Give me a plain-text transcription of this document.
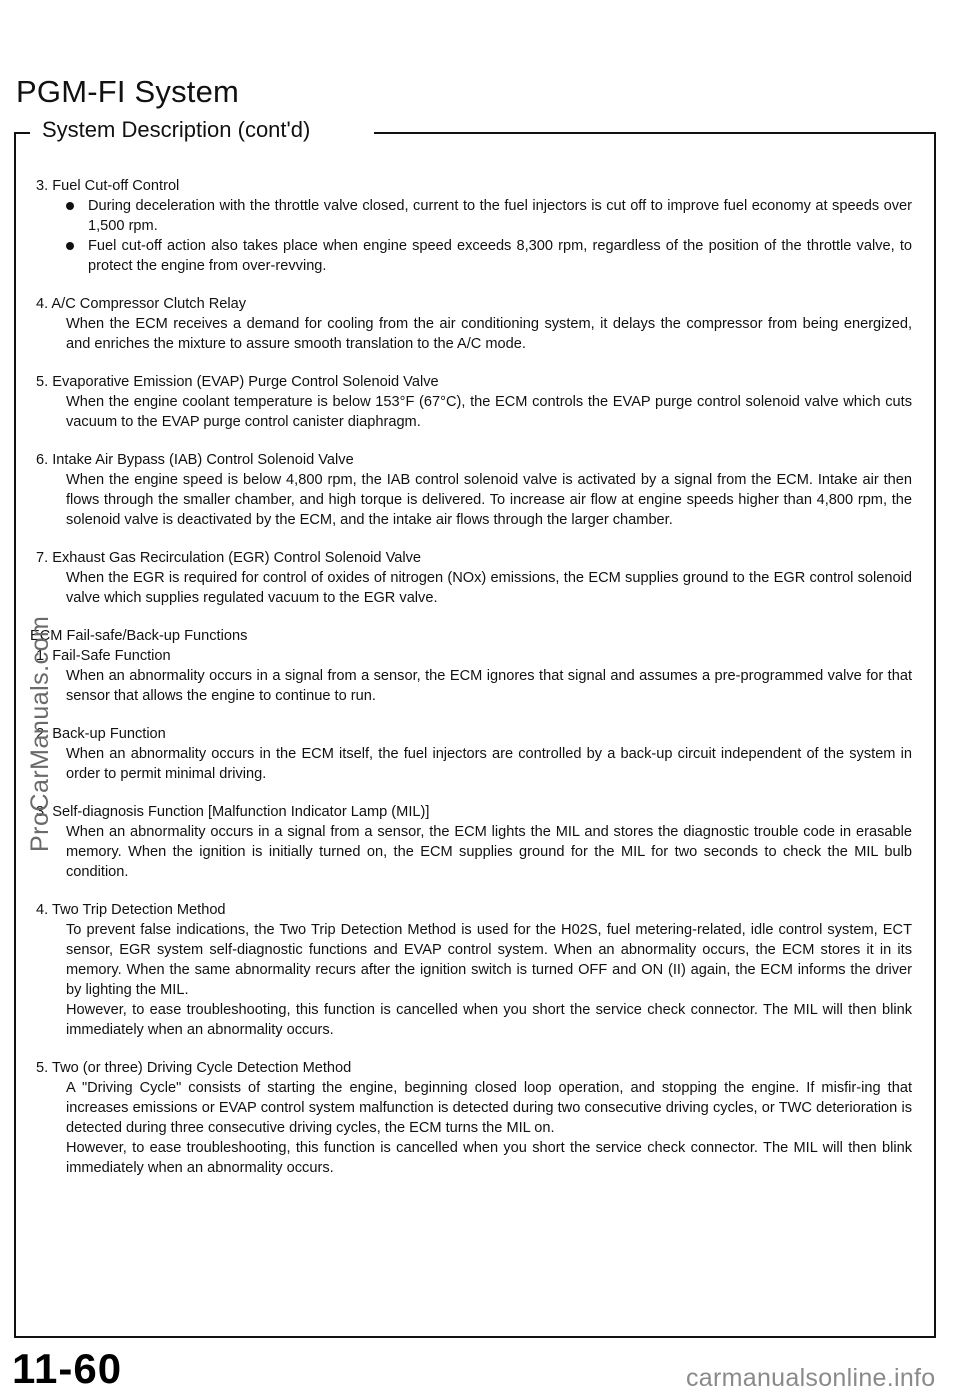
PGM-FI System
System Description (cont'd)
3. Fuel Cut-off Control
During deceleration with the throttle valve closed, current to the fuel injectors is cut off to improve fuel economy at speeds over 1,500 rpm.
Fuel cut-off action also takes place when engine speed exceeds 8,300 rpm, regardless of the position of the throttle valve, to protect the engine from over-revving.
4. A/C Compressor Clutch Relay
When the ECM receives a demand for cooling from the air conditioning system, it delays the compressor from being energized, and enriches the mixture to assure smooth translation to the A/C mode.
5. Evaporative Emission (EVAP) Purge Control Solenoid Valve
When the engine coolant temperature is below 153°F (67°C), the ECM controls the EVAP purge control solenoid valve which cuts vacuum to the EVAP purge control canister diaphragm.
6. Intake Air Bypass (IAB) Control Solenoid Valve
When the engine speed is below 4,800 rpm, the IAB control solenoid valve is activated by a signal from the ECM. Intake air then flows through the smaller chamber, and high torque is delivered. To increase air flow at engine speeds higher than 4,800 rpm, the solenoid valve is deactivated by the ECM, and the intake air flows through the larger chamber.
7. Exhaust Gas Recirculation (EGR) Control Solenoid Valve
When the EGR is required for control of oxides of nitrogen (NOx) emissions, the ECM supplies ground to the EGR control solenoid valve which supplies regulated vacuum to the EGR valve.
ECM Fail-safe/Back-up Functions
1. Fail-Safe Function
When an abnormality occurs in a signal from a sensor, the ECM ignores that signal and assumes a pre-programmed valve for that sensor that allows the engine to continue to run.
2. Back-up Function
When an abnormality occurs in the ECM itself, the fuel injectors are controlled by a back-up circuit independent of the system in order to permit minimal driving.
3. Self-diagnosis Function [Malfunction Indicator Lamp (MIL)]
When an abnormality occurs in a signal from a sensor, the ECM lights the MIL and stores the diagnostic trouble code in erasable memory. When the ignition is initially turned on, the ECM supplies ground for the MIL for two seconds to check the MIL bulb condition.
4. Two Trip Detection Method
To prevent false indications, the Two Trip Detection Method is used for the H02S, fuel metering-related, idle control system, ECT sensor, EGR system self-diagnostic functions and EVAP control system. When an abnormality occurs, the ECM stores it in its memory. When the same abnormality recurs after the ignition switch is turned OFF and ON (II) again, the ECM informs the driver by lighting the MIL.
However, to ease troubleshooting, this function is cancelled when you short the service check connector. The MIL will then blink immediately when an abnormality occurs.
5. Two (or three) Driving Cycle Detection Method
A "Driving Cycle" consists of starting the engine, beginning closed loop operation, and stopping the engine. If misfir-ing that increases emissions or EVAP control system malfunction is detected during two consecutive driving cycles, or TWC deterioration is detected during three consecutive driving cycles, the ECM turns the MIL on.
However, to ease troubleshooting, this function is cancelled when you short the service check connector. The MIL will then blink immediately when an abnormality occurs.
ProCarManuals.com
11-60	carmanualsonline.info
